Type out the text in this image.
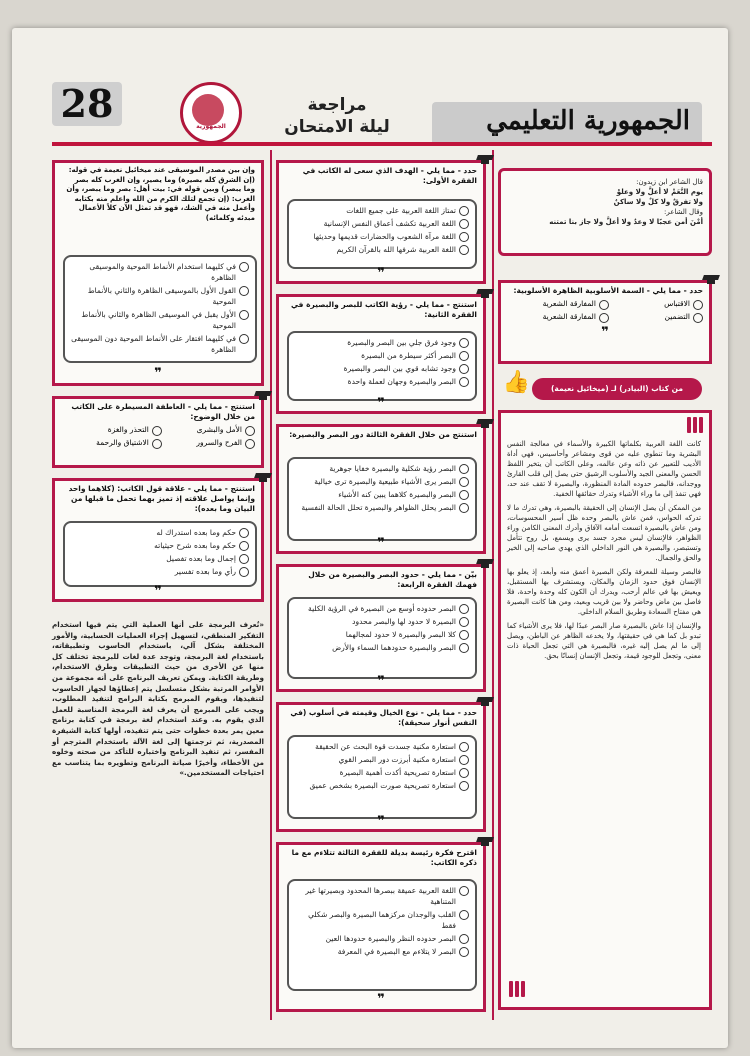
28
الجمهورية
مراجعة
ليلة الامتحان	الجمهورية التعليمي
قال الشاعر ابن زيدون:
يوم النَّعَمْ لا أعلَّ ولا وعلوْ
ولا تفرقٌ ولا كلٌ ولا ساكنُ
وقال الشاعر:
أمْنَ أمن عجبًا لا وعدٌ ولا أعلَّ ولا جاز بنا تمتنه
حدد - مما يلي - السمة الأسلوبية الظاهرة الأسلوبية:
الاقتباس
المفارقة الشعرية
التضمين
المفارقة الشعرية
❞
من كتاب (البيادر) لـ (ميخائيل نعيمة)
👍
كانت اللغة العربية بكلماتها الكبيرة والأسماء في معالجة النفس البشرية وما تنطوي عليه من قوى ومشاعر وأحاسيس، فهي أداة الأديب للتعبير عن ذاته وعن عالمه، وعلى الكاتب أن يتخير اللفظ الحسن والمعنى الجيد والأسلوب الرشيق حتى يصل إلى قلب القارئ ووجدانه، فالبصر حدوده المادة المنظورة، والبصيرة لا تقف عند حد، فهي تنفذ إلى ما وراء الأشياء وتدرك حقائقها الخفية.
من الممكن أن يصل الإنسان إلى الحقيقة بالبصيرة، وهي تدرك ما لا تدركه الحواس، فمن عاش بالبصر وحده ظل أسير المحسوسات، ومن عاش بالبصيرة اتسعت أمامه الآفاق وأدرك المعنى الكامن وراء الظواهر، فالإنسان ليس مجرد جسد يرى ويسمع، بل روح تتأمل وتستبصر، والبصيرة هي النور الداخلي الذي يهدي صاحبه إلى الخير والحق والجمال.
فالبصر وسيلة للمعرفة ولكن البصيرة أعمق منه وأبعد، إذ يعلو بها الإنسان فوق حدود الزمان والمكان، ويستشرف بها المستقبل، ويعيش بها في عالم أرحب، ويدرك أن الكون كله وحدة واحدة، فلا فاصل بين ماض وحاضر ولا بين قريب وبعيد، ومن هنا كانت البصيرة هي مفتاح السعادة وطريق السلام الداخلي.
والإنسان إذا عاش بالبصيرة صار البصر عبدًا لها، فلا يرى الأشياء كما تبدو بل كما هي في حقيقتها، ولا يخدعه الظاهر عن الباطن، ويصل إلى ما لم يصل إليه غيره، فالبصيرة هي التي تجعل الحياة ذات معنى، وتجعل للوجود قيمة، وتجعل الإنسان إنسانًا بحق.
حدد - مما يلي - الهدف الذي سعى له الكاتب في الفقرة الأولى:
تمتاز اللغة العربية على جميع اللغات
اللغة العربية تكشف أعماق النفس الإنسانية
اللغة مرآة الشعوب والحضارات قديمها وحديثها
اللغة العربية شرفها الله بالقرآن الكريم
❞
استنتج - مما يلي - رؤية الكاتب للبصر والبصيرة في الفقرة الثانية:
وجود فرق جلي بين البصر والبصيرة
البصر أكثر سيطرة من البصيرة
وجود تشابه قوي بين البصر والبصيرة
البصر والبصيرة وجهان لعملة واحدة
❞
استنتج من خلال الفقرة الثالثة دور البصر والبصيرة:
البصر رؤية شكلية والبصيرة خفايا جوهرية
البصر يرى الأشياء طبيعية والبصيرة ترى خيالية
البصر والبصيرة كلاهما يبين كنه الأشياء
البصر يحلل الظواهر والبصيرة تحلل الحالة النفسية
❞
بيّن - مما يلي - حدود البصر والبصيرة من خلال فهمك الفقرة الرابعة:
البصر حدوده أوسع من البصيرة في الرؤية الكلية
البصيرة لا حدود لها والبصر محدود
كلا البصر والبصيرة لا حدود لمجالهما
البصر والبصيرة حدودهما السماء والأرض
❞
حدد - مما يلي - نوع الخيال وقيمته في أسلوب (في النفس أنوار سحيقة):
استعارة مكنية جسدت قوة البحث عن الحقيقة
استعارة مكنية أبرزت دور البصر القوي
استعارة تصريحية أكدت أهمية البصيرة
استعارة تصريحية صورت البصيرة بشخص عميق
❞
اقترح فكرة رئيسة بديلة للفقرة الثالثة تتلاءم مع ما ذكره الكاتب:
اللغة العربية عميقة ببصرها المحدود وبصيرتها غير المتناهية
القلب والوجدان مركزهما البصيرة والبصر شكلي فقط
البصر حدوده النظر والبصيرة حدودها العين
البصر لا يتلاءم مع البصيرة في المعرفة
❞
وإن بين مصدر الموسيقى عند ميخائيل نعيمة في قوله: (إن الشرق كله بصيرة) وما يصير، وإن الغرب كله بصر وما يبصر) وبين قوله في: بيت أهل: بصر وما يبصر، وأن الغرب: (إن تجمع لتلك الكرم من الله واعلم منه بكتابه وأعمل منه في الشك، فهو قد تمثل الآن كلاً الأعمال مبدئه وكلمائه)
في كليهما استخدام الأنماط الموحية والموسيقى الظاهرة
القول الأول بالموسيقى الظاهرة والثاني بالأنماط الموحية
الأول يقبل في الموسيقى الظاهرة والثاني بالأنماط الموحية
في كليهما افتقار على الأنماط الموحية دون الموسيقى الظاهرة
❞
استنتج - مما يلي - العاطفة المسيطرة على الكاتب من خلال الوضوح:
الأمل والبشرى
التحذر والغزة
الفرح والسرور
الاشتياق والرحمة
استنتج - مما يلي - علاقة قول الكاتب: (كلاهما واحد وإنما يواصل علاقته إذ تميز بهما تحمل ما قبلها من البيان وما بعده):
حكم وما بعده استدراك له
حكم وما بعده شرح حيثياته
إجمال وما بعده تفصيل
رأي وما بعده تفسير
❞
«تُعرف البرمجة على أنها العملية التي يتم فيها استخدام التفكير المنطقي، لتسهيل إجراء العمليات الحسابية، والأمور المختلفة بشكل آلي، باستخدام الحاسوب وتطبيقاته، باستخدام لغة البرمجة، وتوجد عدة لغات للبرمجة تختلف كل منها عن الأخرى من حيث التطبيقات وطرق الاستخدام، وطريقة الكتابة. ويمكن تعريف البرنامج على أنه مجموعة من الأوامر المرتبة بشكل متسلسل يتم إعطاؤها لجهاز الحاسوب لتنفيذها، ويقوم المبرمج بكتابة البرامج لتنفيذ المطلوب، ويجب على المبرمج أن يعرف لغة البرمجة المناسبة للعمل الذي يقوم به. وعند استخدام لغة برمجة في كتابة برنامج معين يمر بعدة خطوات حتى يتم تنفيذه، أولها كتابة الشيفرة المصدرية، ثم ترجمتها إلى لغة الآلة باستخدام المترجم أو المفسر، ثم تنفيذ البرنامج واختباره للتأكد من صحته وخلوه من الأخطاء، وأخيرًا صيانة البرنامج وتطويره بما يتناسب مع احتياجات المستخدمين.»
